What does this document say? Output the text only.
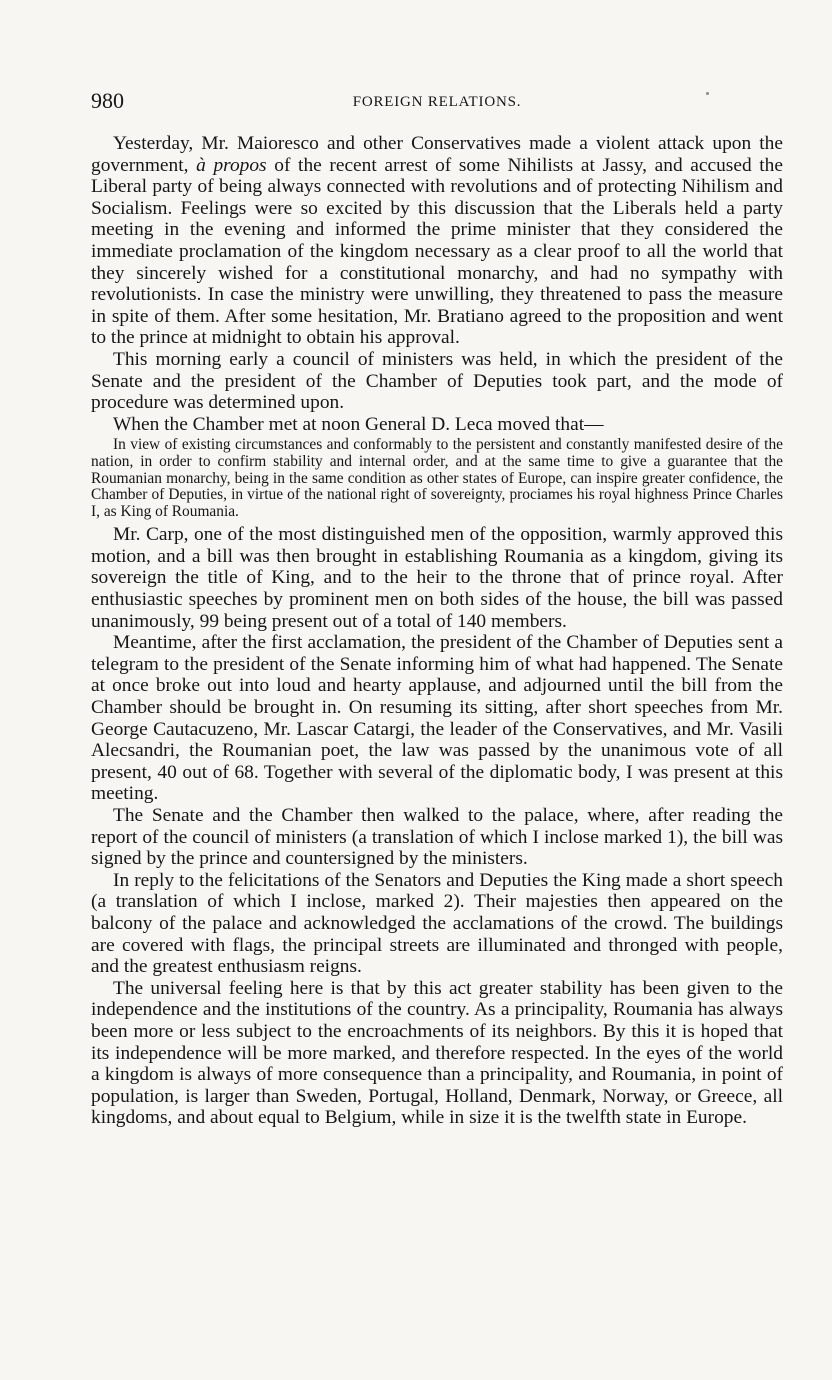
980	FOREIGN RELATIONS.

Yesterday, Mr. Maioresco and other Conservatives made a violent attack upon the government, à propos of the recent arrest of some Nihilists at Jassy, and accused the Liberal party of being always connected with revolutions and of protecting Nihilism and Socialism. Feelings were so excited by this discussion that the Liberals held a party meeting in the evening and informed the prime minister that they considered the immediate proclamation of the kingdom necessary as a clear proof to all the world that they sincerely wished for a constitutional monarchy, and had no sympathy with revolutionists. In case the ministry were unwilling, they threatened to pass the measure in spite of them. After some hesitation, Mr. Bratiano agreed to the proposition and went to the prince at midnight to obtain his approval.

This morning early a council of ministers was held, in which the president of the Senate and the president of the Chamber of Deputies took part, and the mode of procedure was determined upon.

When the Chamber met at noon General D. Leca moved that—

In view of existing circumstances and conformably to the persistent and constantly manifested desire of the nation, in order to confirm stability and internal order, and at the same time to give a guarantee that the Roumanian monarchy, being in the same condition as other states of Europe, can inspire greater confidence, the Chamber of Deputies, in virtue of the national right of sovereignty, prociames his royal highness Prince Charles I, as King of Roumania.

Mr. Carp, one of the most distinguished men of the opposition, warmly approved this motion, and a bill was then brought in establishing Roumania as a kingdom, giving its sovereign the title of King, and to the heir to the throne that of prince royal. After enthusiastic speeches by prominent men on both sides of the house, the bill was passed unanimously, 99 being present out of a total of 140 members.

Meantime, after the first acclamation, the president of the Chamber of Deputies sent a telegram to the president of the Senate informing him of what had happened. The Senate at once broke out into loud and hearty applause, and adjourned until the bill from the Chamber should be brought in. On resuming its sitting, after short speeches from Mr. George Cautacuzeno, Mr. Lascar Catargi, the leader of the Conservatives, and Mr. Vasili Alecsandri, the Roumanian poet, the law was passed by the unanimous vote of all present, 40 out of 68. Together with several of the diplomatic body, I was present at this meeting.

The Senate and the Chamber then walked to the palace, where, after reading the report of the council of ministers (a translation of which I inclose marked 1), the bill was signed by the prince and countersigned by the ministers.

In reply to the felicitations of the Senators and Deputies the King made a short speech (a translation of which I inclose, marked 2). Their majesties then appeared on the balcony of the palace and acknowledged the acclamations of the crowd. The buildings are covered with flags, the principal streets are illuminated and thronged with people, and the greatest enthusiasm reigns.

The universal feeling here is that by this act greater stability has been given to the independence and the institutions of the country. As a principality, Roumania has always been more or less subject to the encroachments of its neighbors. By this it is hoped that its independence will be more marked, and therefore respected. In the eyes of the world a kingdom is always of more consequence than a principality, and Roumania, in point of population, is larger than Sweden, Portugal, Holland, Denmark, Norway, or Greece, all kingdoms, and about equal to Belgium, while in size it is the twelfth state in Europe.
